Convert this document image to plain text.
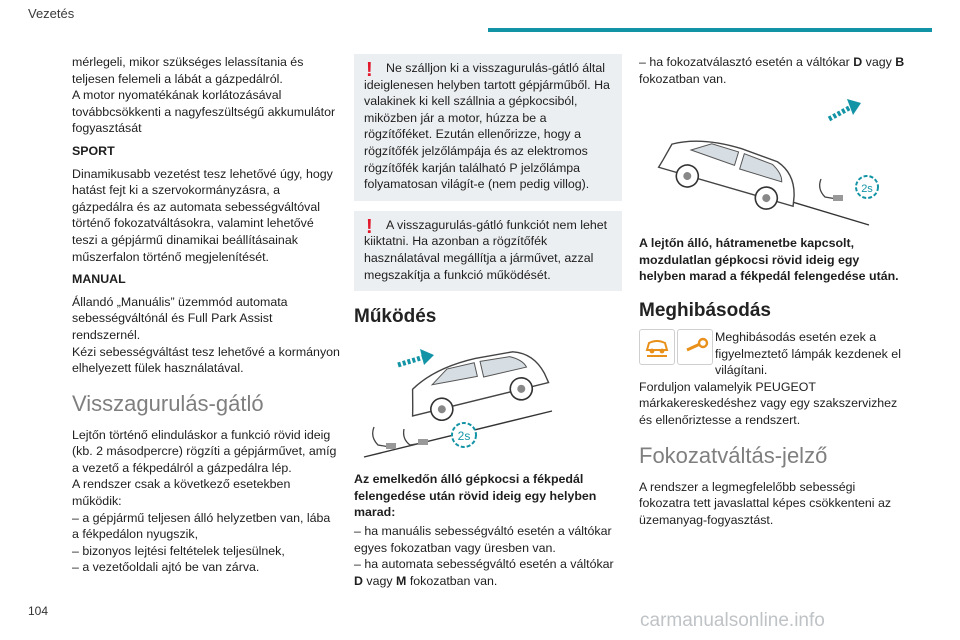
Vezetés

mérlegeli, mikor szükséges lelassítania és teljesen felemeli a lábát a gázpedálról.
A motor nyomatékának korlátozásával továbbcsökkenti a nagyfeszültségű akkumulátor fogyasztását

SPORT

Dinamikusabb vezetést tesz lehetővé úgy, hogy hatást fejt ki a szervokormányzásra, a gázpedálra és az automata sebességváltóval történő fokozatváltásokra, valamint lehetővé teszi a gépjármű dinamikai beállításainak műszerfalon történő megjelenítését.

MANUAL

Állandó „Manuális” üzemmód automata sebességváltónál és Full Park Assist rendszernél.
Kézi sebességváltást tesz lehetővé a kormányon elhelyezett fülek használatával.

Visszagurulás-gátló

Lejtőn történő elinduláskor a funkció rövid ideig (kb. 2 másodpercre) rögzíti a gépjárművet, amíg a vezető a fékpedálról a gázpedálra lép.
A rendszer csak a következő esetekben működik:
– a gépjármű teljesen álló helyzetben van, lába a fékpedálon nyugszik,
– bizonyos lejtési feltételek teljesülnek,
– a vezetőoldali ajtó be van zárva.

!	Ne szálljon ki a visszagurulás-gátló által ideiglenesen helyben tartott gépjárműből. Ha valakinek ki kell szállnia a gépkocsiból, miközben jár a motor, húzza be a rögzítőféket. Ezután ellenőrizze, hogy a rögzítőfék jelzőlámpája és az elektromos rögzítőfék karján található P jelzőlámpa folyamatosan világít-e (nem pedig villog).
!	A visszagurulás-gátló funkciót nem lehet kiiktatni. Ha azonban a rögzítőfék használatával megállítja a járművet, azzal megszakítja a funkció működését.
Működés
2s
Az emelkedőn álló gépkocsi a fékpedál felengedése után rövid ideig egy helyben marad:

– ha manuális sebességváltó esetén a váltókar egyes fokozatban vagy üresben van.
– ha automata sebességváltó esetén a váltókar D vagy M fokozatban van.

– ha fokozatválasztó esetén a váltókar D vagy B
fokozatban van.

2s
A lejtőn álló, hátramenetbe kapcsolt, mozdulatlan gépkocsi rövid ideig egy helyben marad a fékpedál felengedése után.
Meghibásodás

Meghibásodás esetén ezek a figyelmeztető lámpák kezdenek el világítani.

Forduljon valamelyik PEUGEOT márkakereskedéshez vagy egy szakszervizhez és ellenőriztesse a rendszert.

Fokozatváltás-jelző

A rendszer a legmegfelelőbb sebességi fokozatra tett javaslattal képes csökkenteni az üzemanyag-fogyasztást.

104	carmanualsonline.info
